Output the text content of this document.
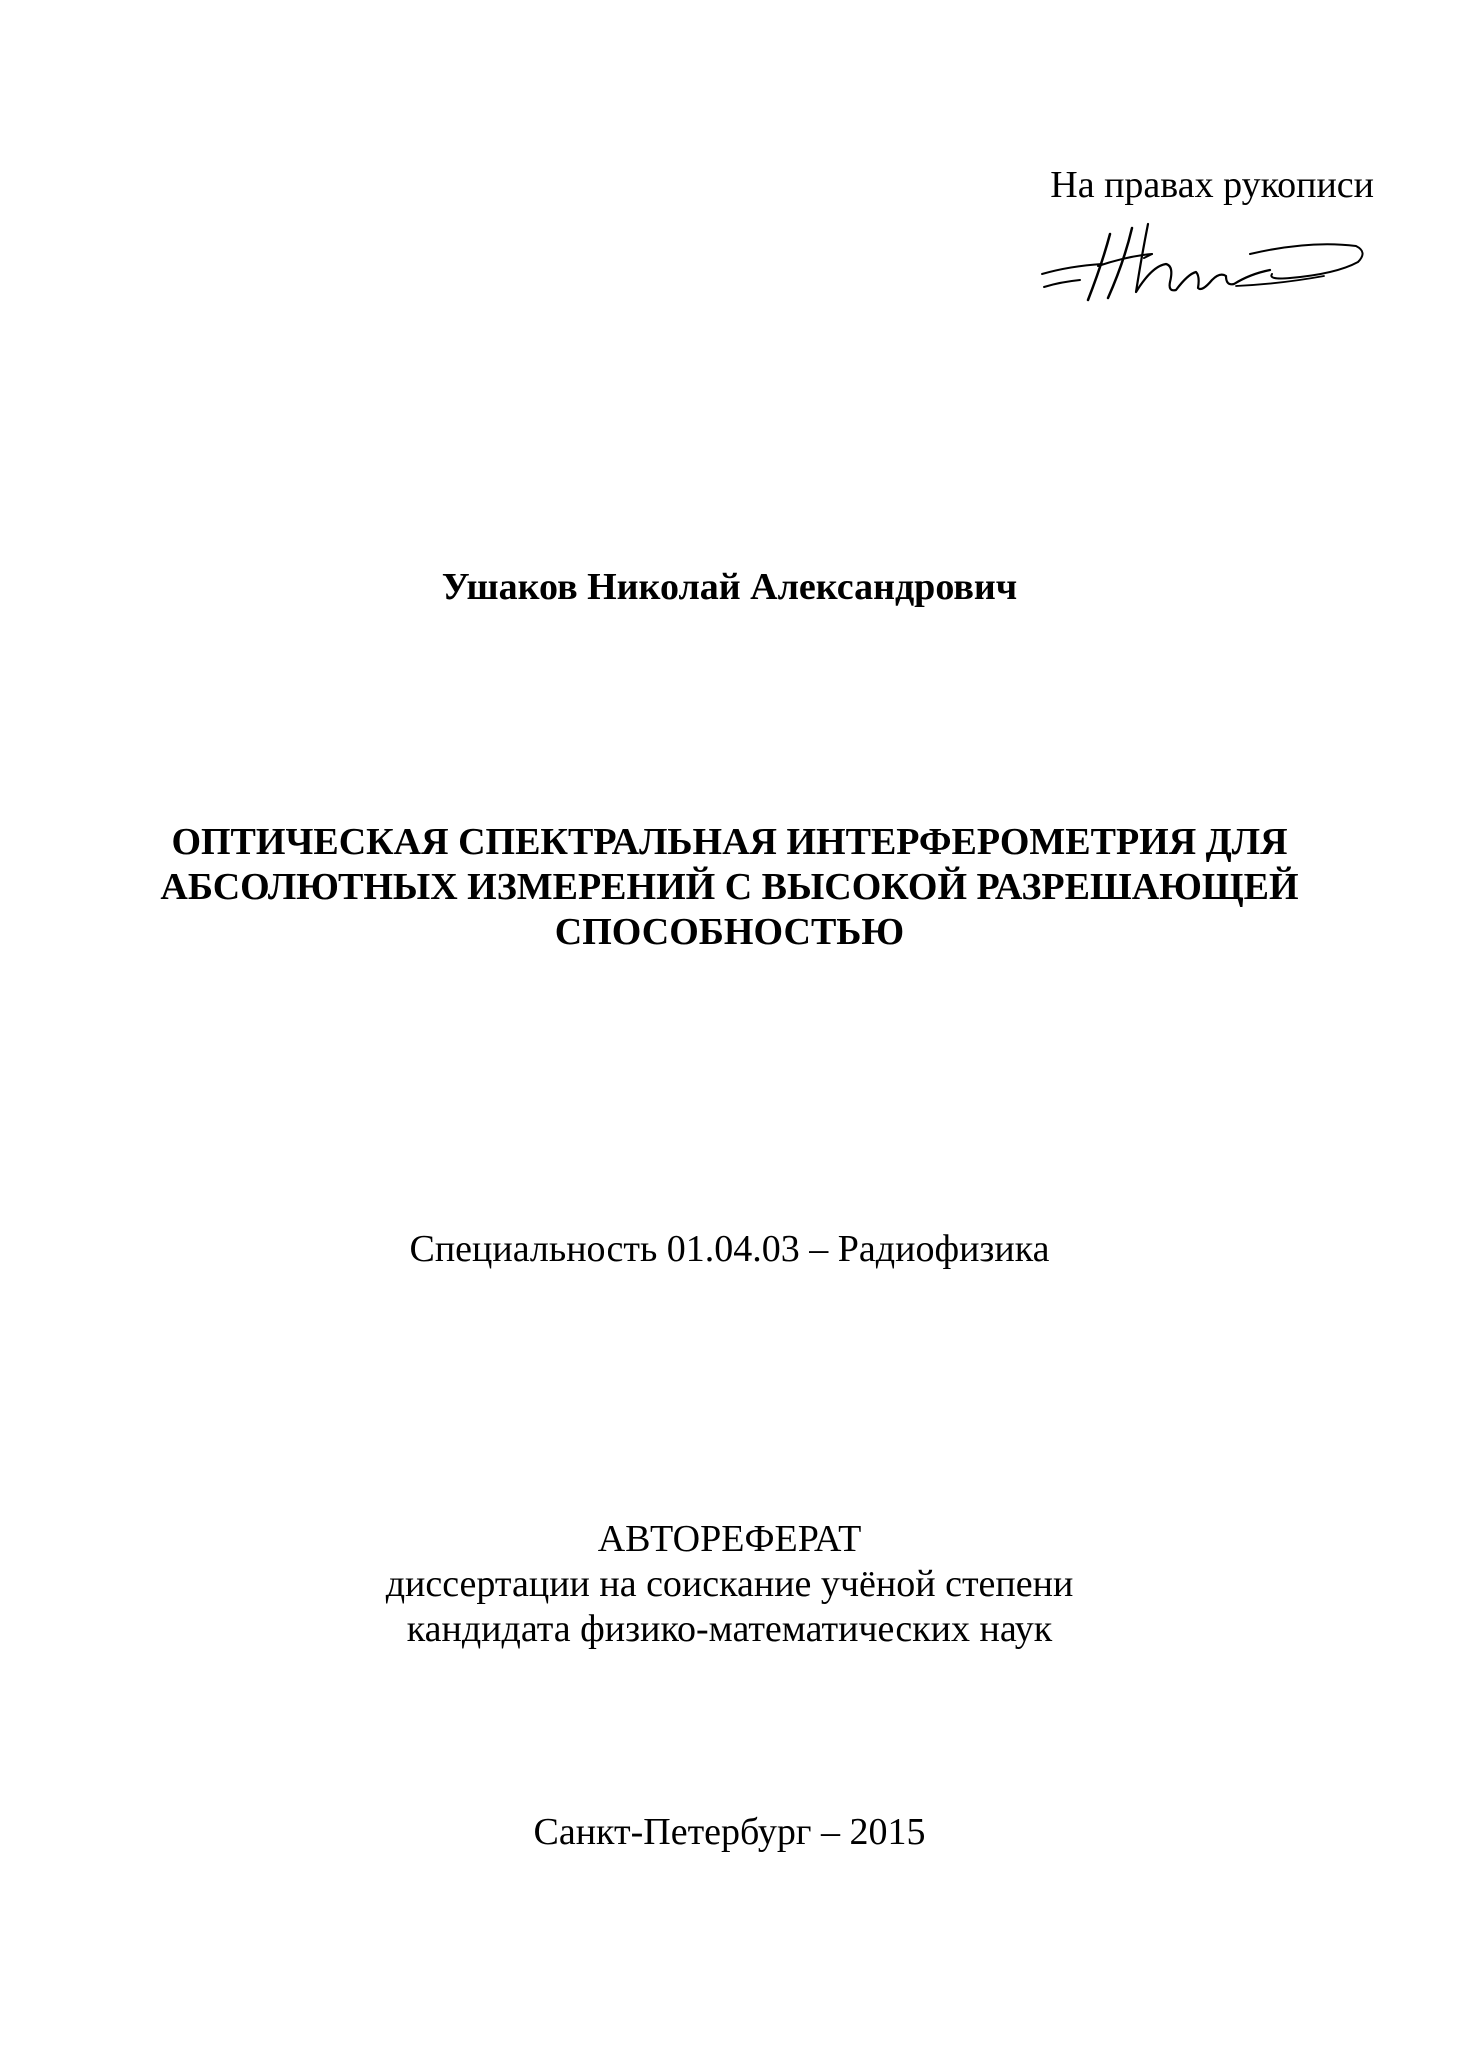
На правах рукописи
Ушаков Николай Александрович
ОПТИЧЕСКАЯ СПЕКТРАЛЬНАЯ ИНТЕРФЕРОМЕТРИЯ ДЛЯ
АБСОЛЮТНЫХ ИЗМЕРЕНИЙ С ВЫСОКОЙ РАЗРЕШАЮЩЕЙ
СПОСОБНОСТЬЮ
Специальность 01.04.03 – Радиофизика
АВТОРЕФЕРАТ
диссертации на соискание учёной степени
кандидата физико-математических наук
Санкт-Петербург – 2015
